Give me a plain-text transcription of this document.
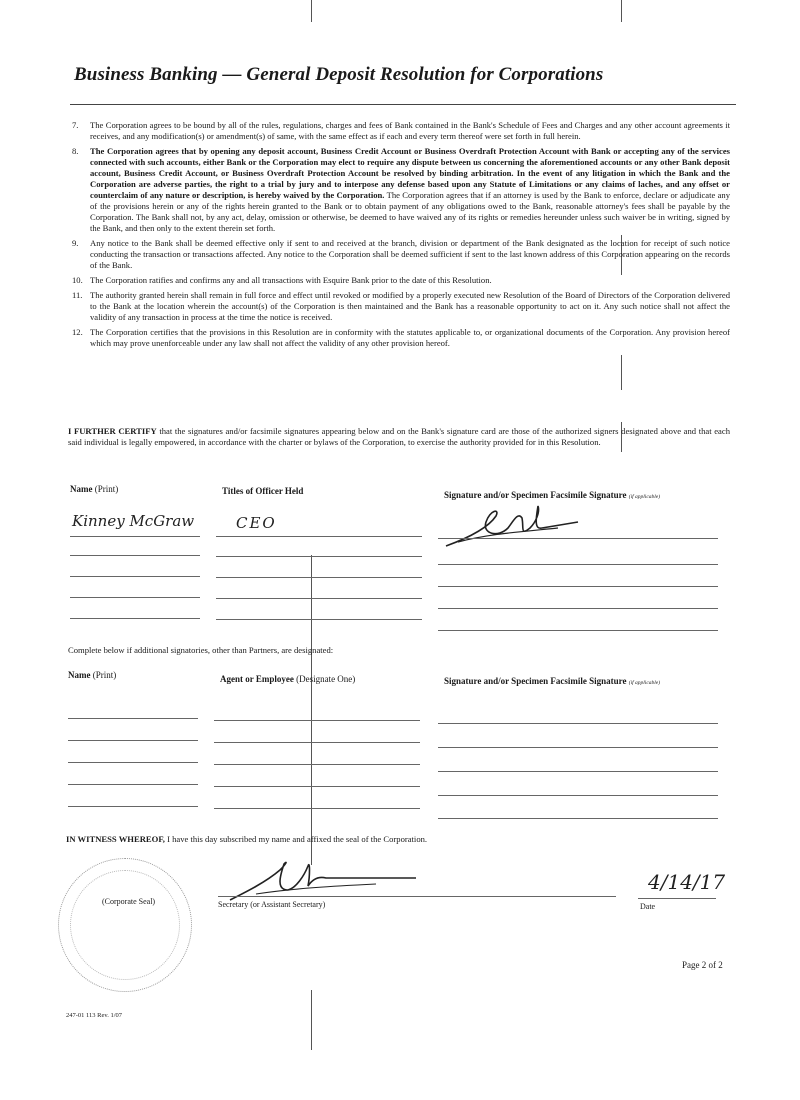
Business Banking — General Deposit Resolution for Corporations
7.	The Corporation agrees to be bound by all of the rules, regulations, charges and fees of Bank contained in the Bank's Schedule of Fees and Charges and any other account agreements it receives, and any modification(s) or amendment(s) of same, with the same effect as if each and every term thereof were set forth in full herein.
8.	The Corporation agrees that by opening any deposit account, Business Credit Account or Business Overdraft Protection Account with Bank or accepting any of the services connected with such accounts, either Bank or the Corporation may elect to require any dispute between us concerning the aforementioned accounts or any other Bank deposit account, Business Credit Account, or Business Overdraft Protection Account be resolved by binding arbitration. In the event of any litigation in which the Bank and the Corporation are adverse parties, the right to a trial by jury and to interpose any defense based upon any Statute of Limitations or any claims of laches, and any offset or counterclaim of any nature or description, is hereby waived by the Corporation. The Corporation agrees that if an attorney is used by the Bank to enforce, declare or adjudicate any of the provisions herein or any of the rights herein granted to the Bank or to obtain payment of any obligations owed to the Bank, reasonable attorney's fees shall be payable by the Corporation. The Bank shall not, by any act, delay, omission or otherwise, be deemed to have waived any of its rights or remedies hereunder unless such waiver be in writing, signed by the Bank, and then only to the extent therein set forth.
9.	Any notice to the Bank shall be deemed effective only if sent to and received at the branch, division or department of the Bank designated as the location for receipt of such notice conducting the transaction or transactions affected. Any notice to the Corporation shall be deemed sufficient if sent to the last known address of this Corporation appearing on the records of the Bank.
10. The Corporation ratifies and confirms any and all transactions with Esquire Bank prior to the date of this Resolution.
11. The authority granted herein shall remain in full force and effect until revoked or modified by a properly executed new Resolution of the Board of Directors of the Corporation delivered to the Bank at the location wherein the account(s) of the Corporation is then maintained and the Bank has a reasonable opportunity to act on it. Any such notice shall not affect the validity of any transaction in process at the time the notice is received.
12. The Corporation certifies that the provisions in this Resolution are in conformity with the statutes applicable to, or organizational documents of the Corporation. Any provision hereof which may prove unenforceable under any law shall not affect the validity of any other provision hereof.
I FURTHER CERTIFY that the signatures and/or facsimile signatures appearing below and on the Bank's signature card are those of the authorized signers designated above and that each said individual is legally empowered, in accordance with the charter or bylaws of the Corporation, to exercise the authority provided for in this Resolution.
Name (Print)	Titles of Officer Held	Signature and/or Specimen Facsimile Signature (if applicable)
Kinney McGraw	CEO
Complete below if additional signatories, other than Partners, are designated:
Name (Print)	Agent or Employee (Designate One)	Signature and/or Specimen Facsimile Signature (if applicable)
IN WITNESS WHEREOF, I have this day subscribed my name and affixed the seal of the Corporation.
(Corporate Seal)	Secretary (or Assistant Secretary)
4/14/17
Date
Page 2 of 2
247-01 113 Rev. 1/07
